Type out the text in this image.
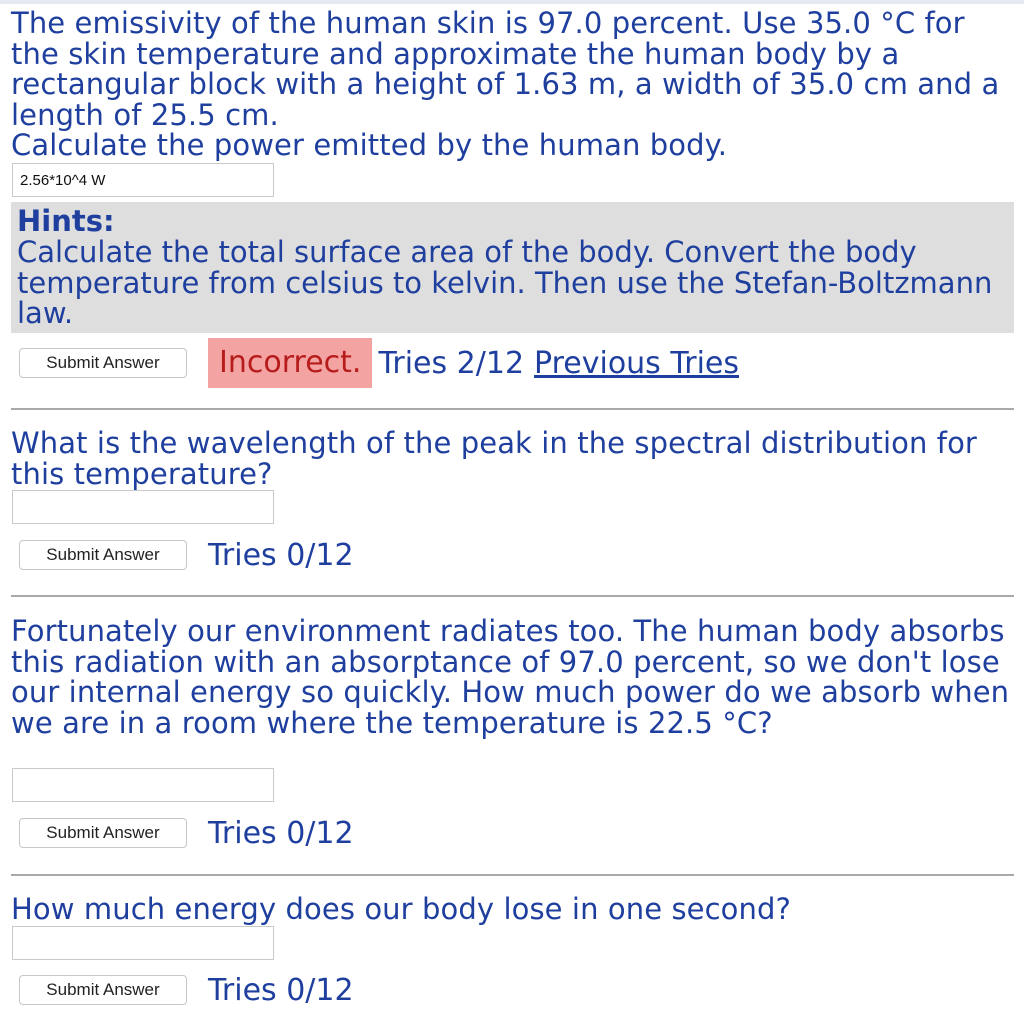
The emissivity of the human skin is 97.0 percent. Use 35.0 °C for the skin temperature and approximate the human body by a rectangular block with a height of 1.63 m, a width of 35.0 cm and a length of 25.5 cm.

Calculate the power emitted by the human body.

2.56*10^4 W

Hints:

Calculate the total surface area of the body. Convert the body temperature from celsius to kelvin. Then use the Stefan-Boltzmann law.

Submit Answer	Incorrect. Tries 2/12 Previous Tries

What is the wavelength of the peak in the spectral distribution for this temperature?

Submit Answer	Tries 0/12

Fortunately our environment radiates too. The human body absorbs this radiation with an absorptance of 97.0 percent, so we don't lose our internal energy so quickly. How much power do we absorb when we are in a room where the temperature is 22.5 °C?

Submit Answer	Tries 0/12

How much energy does our body lose in one second?

Submit Answer	Tries 0/12
